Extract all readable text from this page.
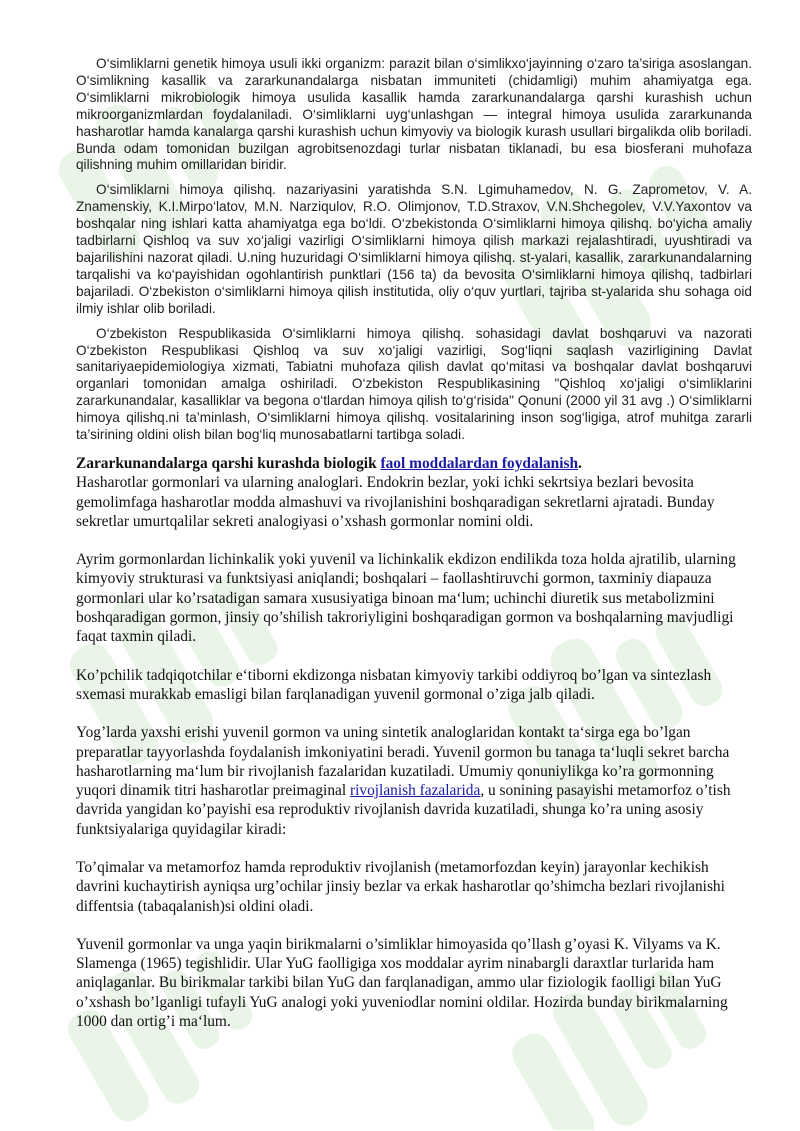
O‘simliklarni genetik himoya usuli ikki organizm: parazit bilan o‘simlikxo‘jayinning o‘zaro ta’siriga asoslangan. O‘simlikning kasallik va zararkunandalarga nisbatan immuniteti (chidamligi) muhim ahamiyatga ega. O‘simliklarni mikrobiologik himoya usulida kasallik hamda zararkunandalarga qarshi kurashish uchun mikroorganizmlardan foydalaniladi. O‘simliklarni uyg‘unlashgan — integral himoya usulida zararkunanda hasharotlar hamda kanalarga qarshi kurashish uchun kimyoviy va biologik kurash usullari birgalikda olib boriladi. Bunda odam tomonidan buzilgan agrobitsenozdagi turlar nisbatan tiklanadi, bu esa biosferani muhofaza qilishning muhim omillaridan biridir.

O‘simliklarni himoya qilishq. nazariyasini yaratishda S.N. Lgimuhamedov, N. G. Zaprometov, V. A. Znamenskiy, K.I.Mirpo‘latov, M.N. Narziqulov, R.O. Olimjonov, T.D.Straxov, V.N.Shchegolev, V.V.Yaxontov va boshqalar ning ishlari katta ahamiyatga ega bo‘ldi. O‘zbekistonda O‘simliklarni himoya qilishq. bo‘yicha amaliy tadbirlarni Qishloq va suv xo‘jaligi vazirligi O‘simliklarni himoya qilish markazi rejalashtiradi, uyushtiradi va bajarilishini nazorat qiladi. U.ning huzuridagi O‘simliklarni himoya qilishq. st-yalari, kasallik, zararkunandalarning tarqalishi va ko‘payishidan ogohlantirish punktlari (156 ta) da bevosita O‘simliklarni himoya qilishq, tadbirlari bajariladi. O‘zbekiston o‘simliklarni himoya qilish institutida, oliy o‘quv yurtlari, tajriba st-yalarida shu sohaga oid ilmiy ishlar olib boriladi.

O‘zbekiston Respublikasida O‘simliklarni himoya qilishq. sohasidagi davlat boshqaruvi va nazorati O‘zbekiston Respublikasi Qishloq va suv xo‘jaligi vazirligi, Sog‘liqni saqlash vazirligining Davlat sanitariyaepidemiologiya xizmati, Tabiatni muhofaza qilish davlat qo‘mitasi va boshqalar davlat boshqaruvi organlari tomonidan amalga oshiriladi. O‘zbekiston Respublikasining "Qishloq xo‘jaligi o‘simliklarini zararkunandalar, kasalliklar va begona o‘tlardan himoya qilish to‘g‘risida" Qonuni (2000 yil 31 avg .) O‘simliklarni himoya qilishq.ni ta’minlash, O‘simliklarni himoya qilishq. vositalarining inson sog‘ligiga, atrof muhitga zararli ta’sirining oldini olish bilan bog‘liq munosabatlarni tartibga soladi.

Zararkunandalarga qarshi kurashda biologik faol moddalardan foydalanish.

Hasharotlar gormonlari va ularning analoglari. Endokrin bezlar, yoki ichki sekrtsiya bezlari bevosita gemolimfaga hasharotlar modda almashuvi va rivojlanishini boshqaradigan sekretlarni ajratadi. Bunday sekretlar umurtqalilar sekreti analogiyasi o’xshash gormonlar nomini oldi.

Ayrim gormonlardan lichinkalik yoki yuvenil va lichinkalik ekdizon endilikda toza holda ajratilib, ularning kimyoviy strukturasi va funktsiyasi aniqlandi; boshqalari – faollashtiruvchi gormon, taxminiy diapauza gormonlari ular ko’rsatadigan samara xususiyatiga binoan ma‘lum; uchinchi diuretik sus metabolizmini boshqaradigan gormon, jinsiy qo’shilish takroriyligini boshqaradigan gormon va boshqalarning mavjudligi faqat taxmin qiladi.

Ko’pchilik tadqiqotchilar e‘tiborni ekdizonga nisbatan kimyoviy tarkibi oddiyroq bo’lgan va sintezlash sxemasi murakkab emasligi bilan farqlanadigan yuvenil gormonal o’ziga jalb qiladi.

Yog’larda yaxshi erishi yuvenil gormon va uning sintetik analoglaridan kontakt ta‘sirga ega bo’lgan preparatlar tayyorlashda foydalanish imkoniyatini beradi. Yuvenil gormon bu tanaga ta‘luqli sekret barcha hasharotlarning ma‘lum bir rivojlanish fazalaridan kuzatiladi. Umumiy qonuniylikga ko’ra gormonning yuqori dinamik titri hasharotlar preimaginal rivojlanish fazalarida, u sonining pasayishi metamorfoz o’tish davrida yangidan ko’payishi esa reproduktiv rivojlanish davrida kuzatiladi, shunga ko’ra uning asosiy funktsiyalariga quyidagilar kiradi:

To’qimalar va metamorfoz hamda reproduktiv rivojlanish (metamorfozdan keyin) jarayonlar kechikish davrini kuchaytirish ayniqsa urg’ochilar jinsiy bezlar va erkak hasharotlar qo’shimcha bezlari rivojlanishi diffentsia (tabaqalanish)si oldini oladi.

Yuvenil gormonlar va unga yaqin birikmalarni o’simliklar himoyasida qo’llash g’oyasi K. Vilyams va K. Slamenga (1965) tegishlidir. Ular YuG faolligiga xos moddalar ayrim ninabargli daraxtlar turlarida ham aniqlaganlar. Bu birikmalar tarkibi bilan YuG dan farqlanadigan, ammo ular fiziologik faolligi bilan YuG o’xshash bo’lganligi tufayli YuG analogi yoki yuveniodlar nomini oldilar. Hozirda bunday birikmalarning 1000 dan ortig’i ma‘lum.
